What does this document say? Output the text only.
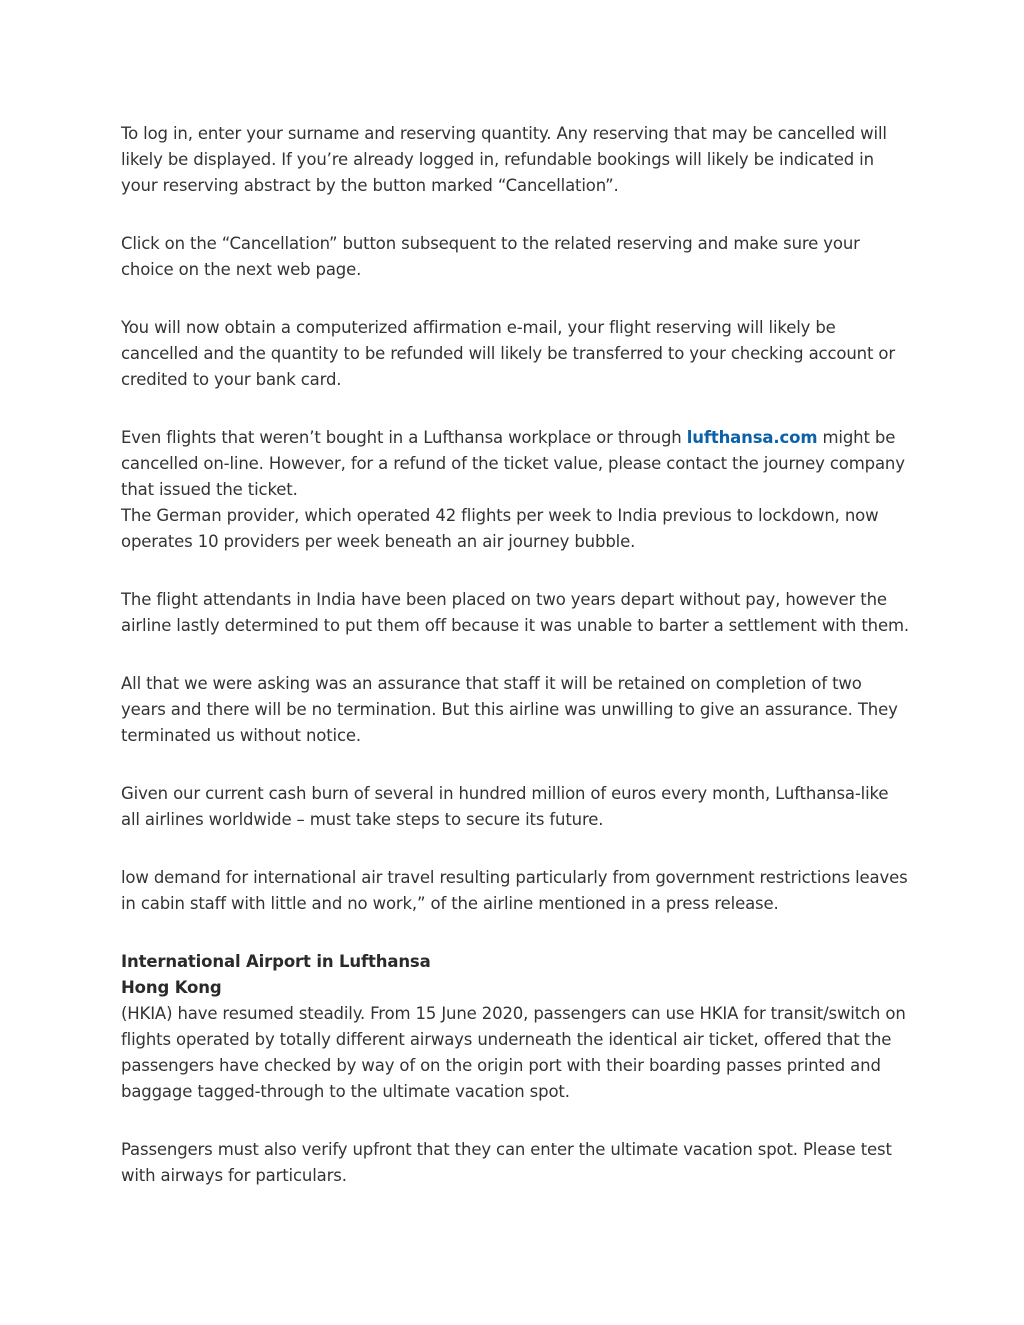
To log in, enter your surname and reserving quantity. Any reserving that may be cancelled will likely be displayed. If you’re already logged in, refundable bookings will likely be indicated in your reserving abstract by the button marked “Cancellation”.

Click on the “Cancellation” button subsequent to the related reserving and make sure your choice on the next web page.

You will now obtain a computerized affirmation e-mail, your flight reserving will likely be cancelled and the quantity to be refunded will likely be transferred to your checking account or credited to your bank card.

Even flights that weren’t bought in a Lufthansa workplace or through lufthansa.com might be cancelled on-line. However, for a refund of the ticket value, please contact the journey company that issued the ticket.

The German provider, which operated 42 flights per week to India previous to lockdown, now operates 10 providers per week beneath an air journey bubble.

The flight attendants in India have been placed on two years depart without pay, however the airline lastly determined to put them off because it was unable to barter a settlement with them.

All that we were asking was an assurance that staff it will be retained on completion of two years and there will be no termination. But this airline was unwilling to give an assurance. They terminated us without notice.

Given our current cash burn of several in hundred million of euros every month, Lufthansa-like all airlines worldwide – must take steps to secure its future.

low demand for international air travel resulting particularly from government restrictions leaves in cabin staff with little and no work,” of the airline mentioned in a press release.

International Airport in Lufthansa

Hong Kong

(HKIA) have resumed steadily. From 15 June 2020, passengers can use HKIA for transit/switch on flights operated by totally different airways underneath the identical air ticket, offered that the passengers have checked by way of on the origin port with their boarding passes printed and baggage tagged-through to the ultimate vacation spot.

Passengers must also verify upfront that they can enter the ultimate vacation spot. Please test with airways for particulars.
